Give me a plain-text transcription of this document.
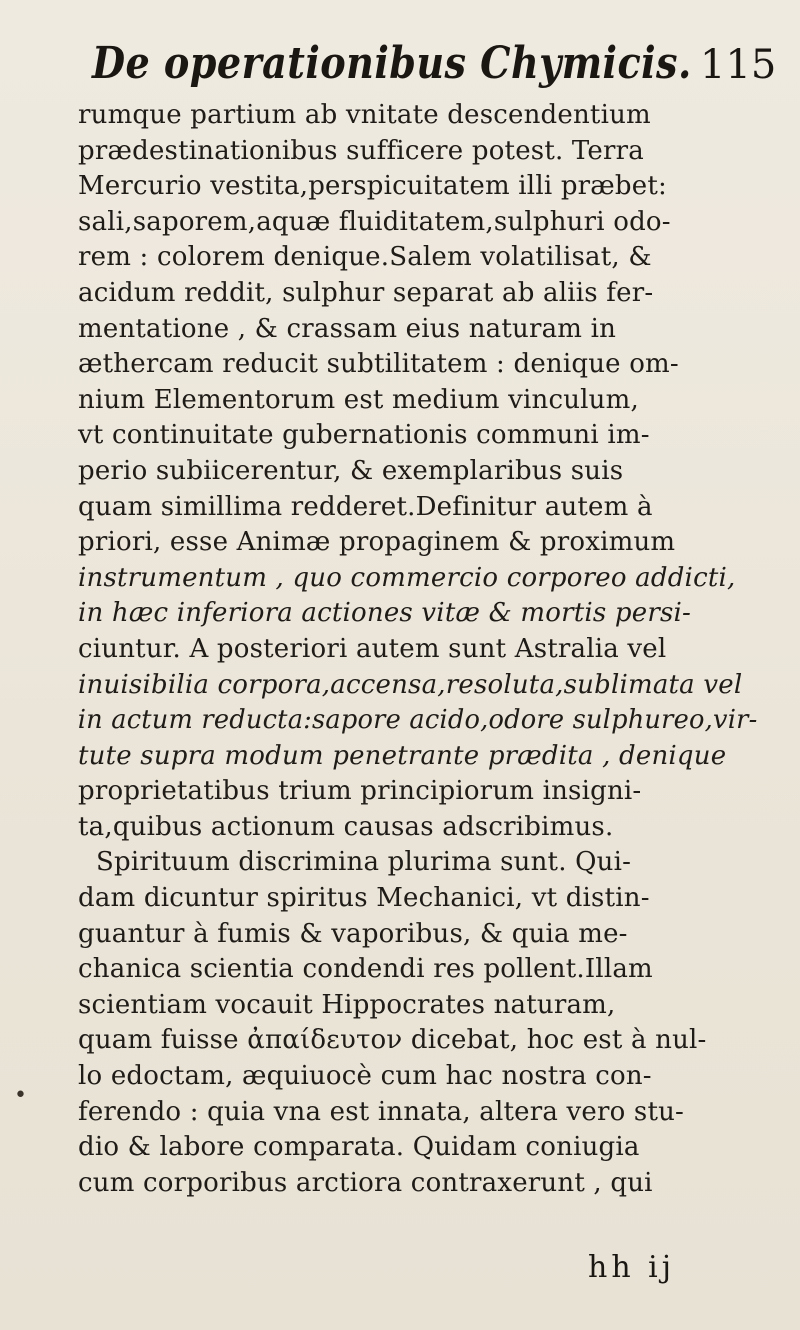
De operationibus Chymicis. 115
•
rumque partium ab vnitate descendentium
prædestinationibus sufficere potest. Terra
Mercurio vestita,perspicuitatem illi præbet:
sali,saporem,aquæ fluiditatem,sulphuri odo-
rem : colorem denique.Salem volatilisat, &
acidum reddit, sulphur separat ab aliis fer-
mentatione , & crassam eius naturam in
æthercam reducit subtilitatem : denique om-
nium Elementorum est medium vinculum,
vt continuitate gubernationis communi im-
perio subiicerentur, & exemplaribus suis
quam simillima redderet.Definitur autem à
priori, esse Animæ propaginem & proximum
instrumentum , quo commercio corporeo addicti,
in hæc inferiora actiones vitæ & mortis persi-
ciuntur. A posteriori autem sunt Astralia vel
inuisibilia corpora,accensa,resoluta,sublimata vel
in actum reducta:sapore acido,odore sulphureo,vir-
tute supra modum penetrante prædita , denique
proprietatibus trium principiorum insigni-
ta,quibus actionum causas adscribimus.
Spirituum discrimina plurima sunt. Qui-
dam dicuntur spiritus Mechanici, vt distin-
guantur à fumis & vaporibus, & quia me-
chanica scientia condendi res pollent.Illam
scientiam vocauit Hippocrates naturam,
quam fuisse ἀπαίδευτον dicebat, hoc est à nul-
lo edoctam, æquiuocè cum hac nostra con-
ferendo : quia vna est innata, altera vero stu-
dio & labore comparata. Quidam coniugia
cum corporibus arctiora contraxerunt , qui
hh ij
